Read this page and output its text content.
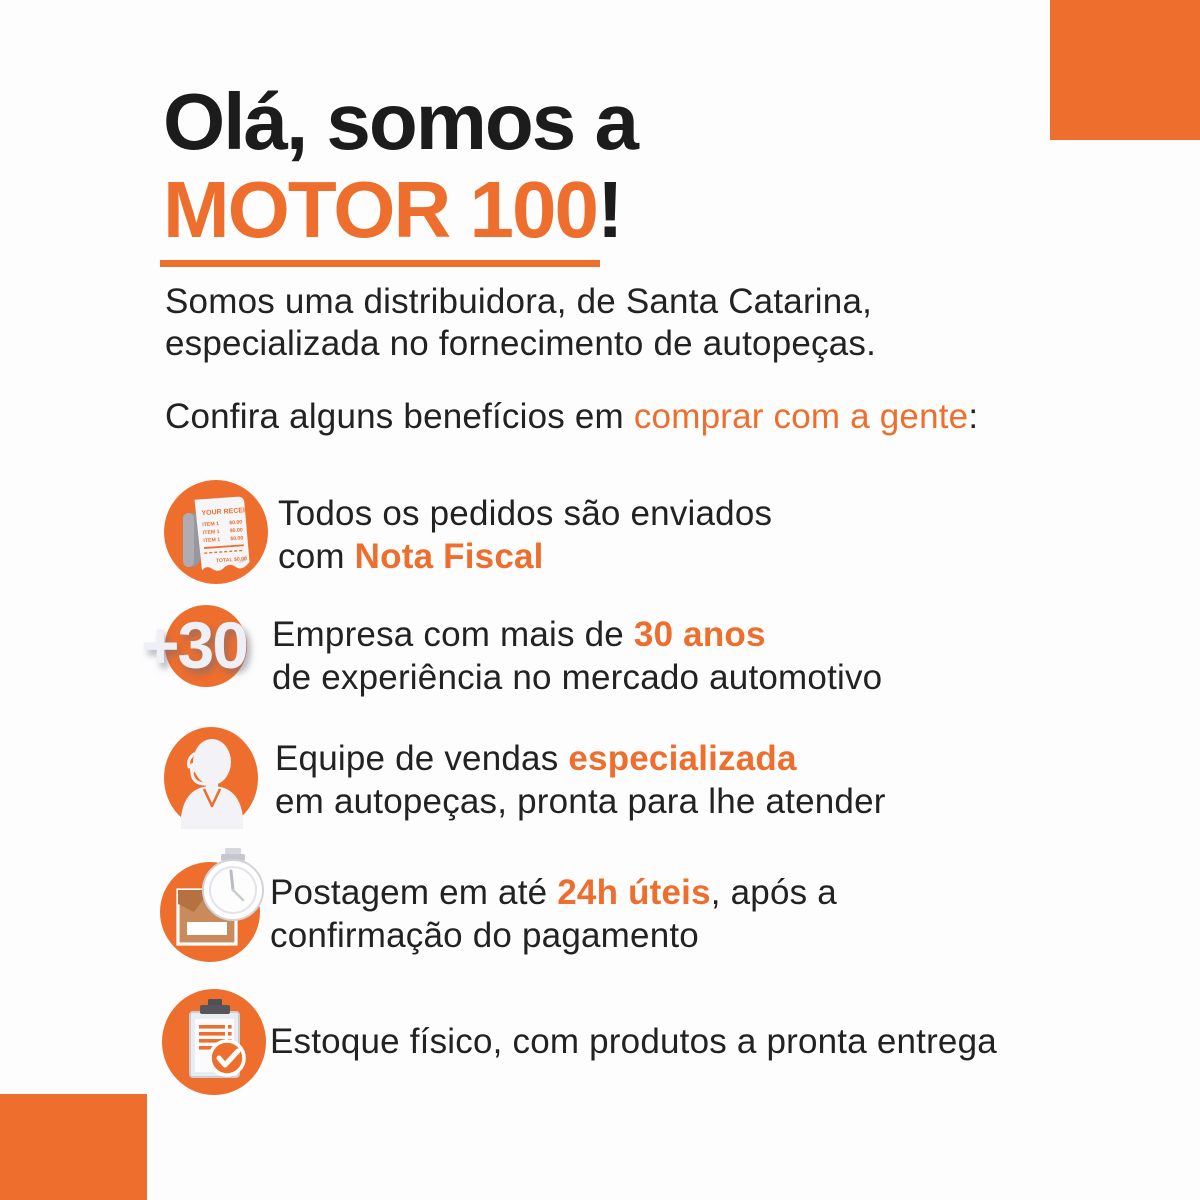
Olá, somos a
MOTOR 100!
Somos uma distribuidora, de Santa Catarina,
especializada no fornecimento de autopeças.
Confira alguns benefícios em comprar com a gente:
YOUR RECEIPT
ITEM 1 $0.00
ITEM 1 $0.00
ITEM 1 $0.00
TOTAL $0.00
Todos os pedidos são enviados
com Nota Fiscal
+30 Empresa com mais de 30 anos
de experiência no mercado automotivo
Equipe de vendas especializada
em autopeças, pronta para lhe atender
Postagem em até 24h úteis, após a
confirmação do pagamento
Estoque físico, com produtos a pronta entrega
